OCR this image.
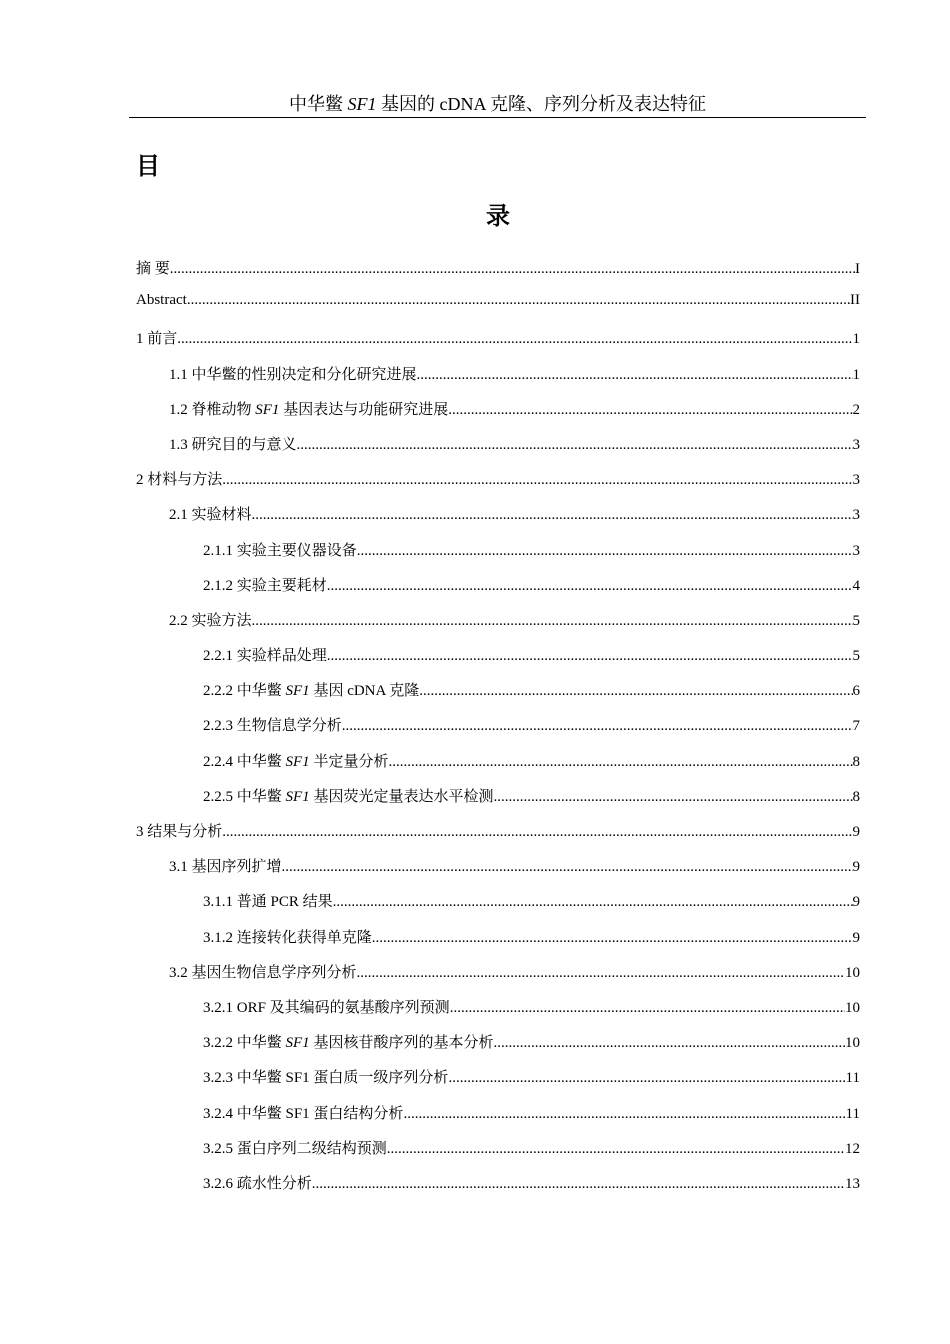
中华鳖 SF1 基因的 cDNA 克隆、序列分析及表达特征
目
录
摘 要 .....	I
Abstract .....	II
1 前言 .....	1
1.1 中华鳖的性别决定和分化研究进展 .....	1
1.2 脊椎动物 SF1 基因表达与功能研究进展 .....	2
1.3 研究目的与意义 .....	3
2 材料与方法 .....	3
2.1 实验材料 .....	3
2.1.1 实验主要仪器设备 .....	3
2.1.2 实验主要耗材 .....	4
2.2 实验方法 .....	5
2.2.1 实验样品处理 .....	5
2.2.2 中华鳖 SF1 基因 cDNA 克隆 .....	6
2.2.3 生物信息学分析 .....	7
2.2.4 中华鳖 SF1 半定量分析 .....	8
2.2.5 中华鳖 SF1 基因荧光定量表达水平检测 .....	8
3 结果与分析 .....	9
3.1 基因序列扩增 .....	9
3.1.1 普通 PCR 结果 .....	9
3.1.2 连接转化获得单克隆 .....	9
3.2 基因生物信息学序列分析 .....	10
3.2.1 ORF 及其编码的氨基酸序列预测 .....	10
3.2.2 中华鳖 SF1 基因核苷酸序列的基本分析 .....	10
3.2.3 中华鳖 SF1 蛋白质一级序列分析 .....	11
3.2.4 中华鳖 SF1 蛋白结构分析 .....	11
3.2.5 蛋白序列二级结构预测 .....	12
3.2.6 疏水性分析 .....	13
